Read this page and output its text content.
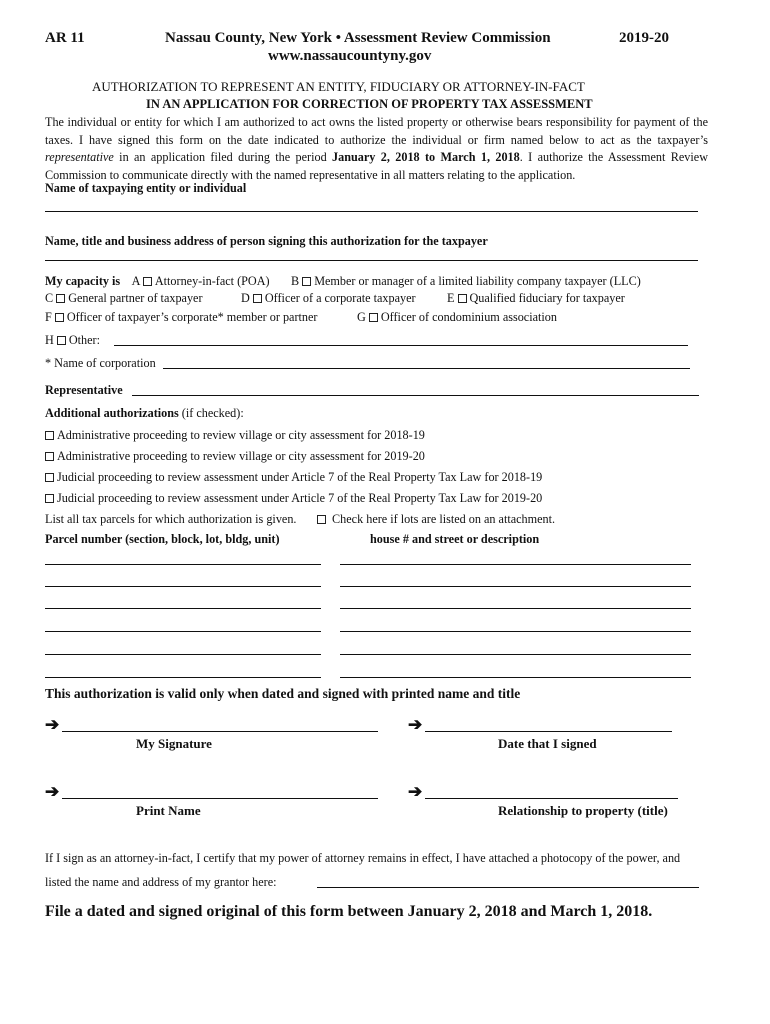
AR 11	Nassau County, New York • Assessment Review Commission	2019-20
www.nassaucountyny.gov
AUTHORIZATION TO REPRESENT AN ENTITY, FIDUCIARY OR ATTORNEY-IN-FACT
IN AN APPLICATION FOR CORRECTION OF PROPERTY TAX ASSESSMENT
The individual or entity for which I am authorized to act owns the listed property or otherwise bears responsibility for payment of the taxes. I have signed this form on the date indicated to authorize the individual or firm named below to act as the taxpayer’s representative in an application filed during the period January 2, 2018 to March 1, 2018. I authorize the Assessment Review Commission to communicate directly with the named representative in all matters relating to the application.
Name of taxpaying entity or individual
Name, title and business address of person signing this authorization for the taxpayer
My capacity is A Attorney-in-fact (POA) B Member or manager of a limited liability company taxpayer (LLC)
C General partner of taxpayer	D Officer of a corporate taxpayer	E Qualified fiduciary for taxpayer
F Officer of taxpayer’s corporate* member or partner	G Officer of condominium association
H Other:
* Name of corporation
Representative
Additional authorizations (if checked):
Administrative proceeding to review village or city assessment for 2018-19
Administrative proceeding to review village or city assessment for 2019-20
Judicial proceeding to review assessment under Article 7 of the Real Property Tax Law for 2018-19
Judicial proceeding to review assessment under Article 7 of the Real Property Tax Law for 2019-20
List all tax parcels for which authorization is given.	Check here if lots are listed on an attachment.
Parcel number (section, block, lot, bldg, unit)	house # and street or description
This authorization is valid only when dated and signed with printed name and title
➔	➔
My Signature	Date that I signed
➔	➔
Print Name	Relationship to property (title)
If I sign as an attorney-in-fact, I certify that my power of attorney remains in effect, I have attached a photocopy of the power, and
listed the name and address of my grantor here:
File a dated and signed original of this form between January 2, 2018 and March 1, 2018.
